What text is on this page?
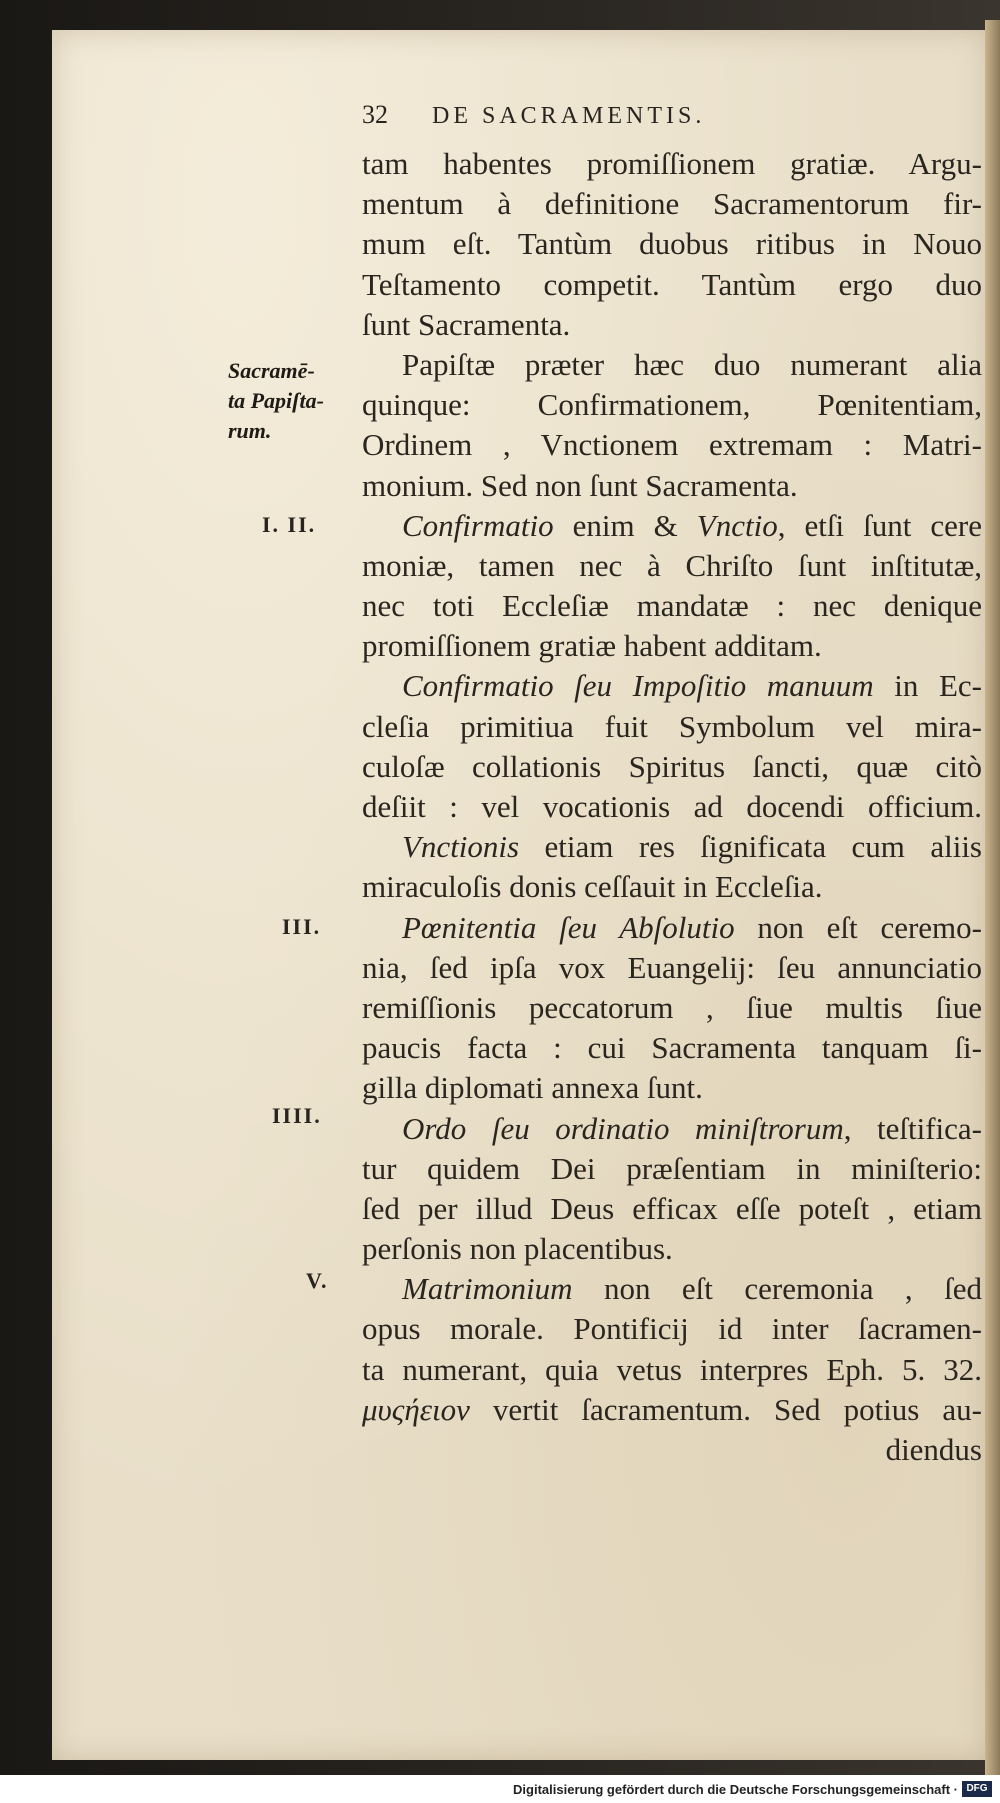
32 DE SACRAMENTIS.
Sacramē-
ta Papiſta-
rum.
I. II.
III.
IIII.
V.
tam habentes promiſſionem gratiæ. Argu-
mentum à definitione Sacramentorum fir-
mum eſt. Tantùm duobus ritibus in Nouo
Teſtamento competit. Tantùm ergo duo
ſunt Sacramenta.
Papiſtæ præter hæc duo numerant alia
quinque: Confirmationem, Pœnitentiam,
Ordinem , Vnctionem extremam : Matri-
monium. Sed non ſunt Sacramenta.
Confirmatio enim & Vnctio, etſi ſunt cere
moniæ, tamen nec à Chriſto ſunt inſtitutæ,
nec toti Eccleſiæ mandatæ : nec denique
promiſſionem gratiæ habent additam.
Confirmatio ſeu Impoſitio manuum in Ec-
cleſia primitiua fuit Symbolum vel mira-
culoſæ collationis Spiritus ſancti, quæ citò
deſiit : vel vocationis ad docendi officium.
Vnctionis etiam res ſignificata cum aliis
miraculoſis donis ceſſauit in Eccleſia.
Pœnitentia ſeu Abſolutio non eſt ceremo-
nia, ſed ipſa vox Euangelij: ſeu annunciatio
remiſſionis peccatorum , ſiue multis ſiue
paucis facta : cui Sacramenta tanquam ſi-
gilla diplomati annexa ſunt.
Ordo ſeu ordinatio miniſtrorum, teſtifica-
tur quidem Dei præſentiam in miniſterio:
ſed per illud Deus efficax eſſe poteſt , etiam
perſonis non placentibus.
Matrimonium non eſt ceremonia , ſed
opus morale. Pontificij id inter ſacramen-
ta numerant, quia vetus interpres Eph. 5. 32.
μυςήειον vertit ſacramentum. Sed potius au-
diendus
Digitalisierung gefördert durch die Deutsche Forschungsgemeinschaft · DFG
